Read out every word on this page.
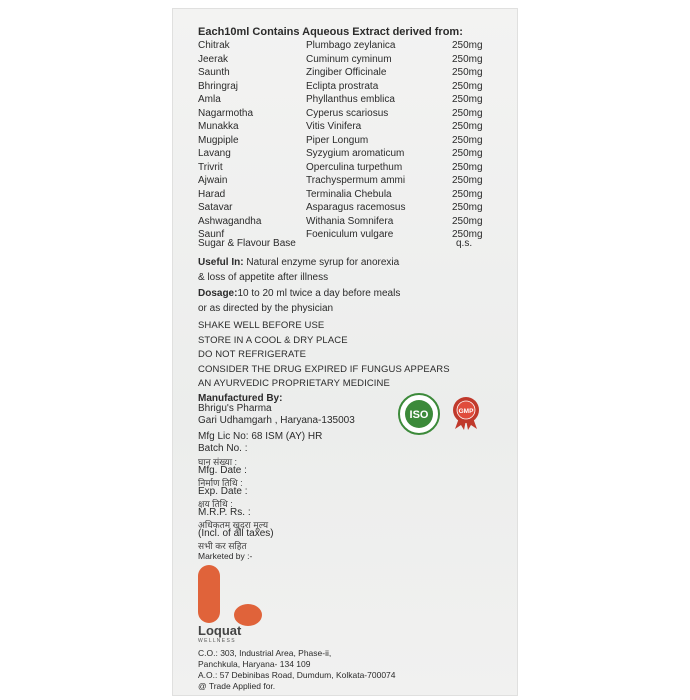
Each10ml Contains Aqueous Extract derived from:
Chitrak	Plumbago zeylanica	250mg
Jeerak	Cuminum cyminum	250mg
Saunth	Zingiber Officinale	250mg
Bhringraj	Eclipta prostrata	250mg
Amla	Phyllanthus emblica	250mg
Nagarmotha	Cyperus scariosus	250mg
Munakka	Vitis Vinifera	250mg
Mugpiple	Piper Longum	250mg
Lavang	Syzygium aromaticum	250mg
Trivrit	Operculina turpethum	250mg
Ajwain	Trachyspermum ammi	250mg
Harad	Terminalia Chebula	250mg
Satavar	Asparagus racemosus	250mg
Ashwagandha	Withania Somnifera	250mg
Saunf	Foeniculum vulgare	250mg
Sugar & Flavour Base	q.s.
Useful In: Natural enzyme syrup for anorexia
& loss of appetite after illness
Dosage:10 to 20 ml twice a day before meals
or as directed by the physician
SHAKE WELL BEFORE USE
STORE IN A COOL & DRY PLACE
DO NOT REFRIGERATE
CONSIDER THE DRUG EXPIRED IF FUNGUS APPEARS
AN AYURVEDIC PROPRIETARY MEDICINE
Manufactured By:
Bhrigu's Pharma
Gari Udhamgarh , Haryana-135003	ISO	GMP
Mfg Lic No: 68 ISM (AY) HR
Batch No. :
घान संख्या :
Mfg. Date :
निर्माण तिथि :
Exp. Date :
क्षय तिथि :
M.R.P. Rs. :
अधिकतम खुदरा मूल्य
(Incl. of all taxes)
सभी कर सहित
Marketed by :-
Loquat
W E L L N E S S
C.O.: 303, Industrial Area, Phase-ii,
Panchkula, Haryana- 134 109
A.O.: 57 Debinibas Road, Dumdum, Kolkata-700074
@ Trade Applied for.
